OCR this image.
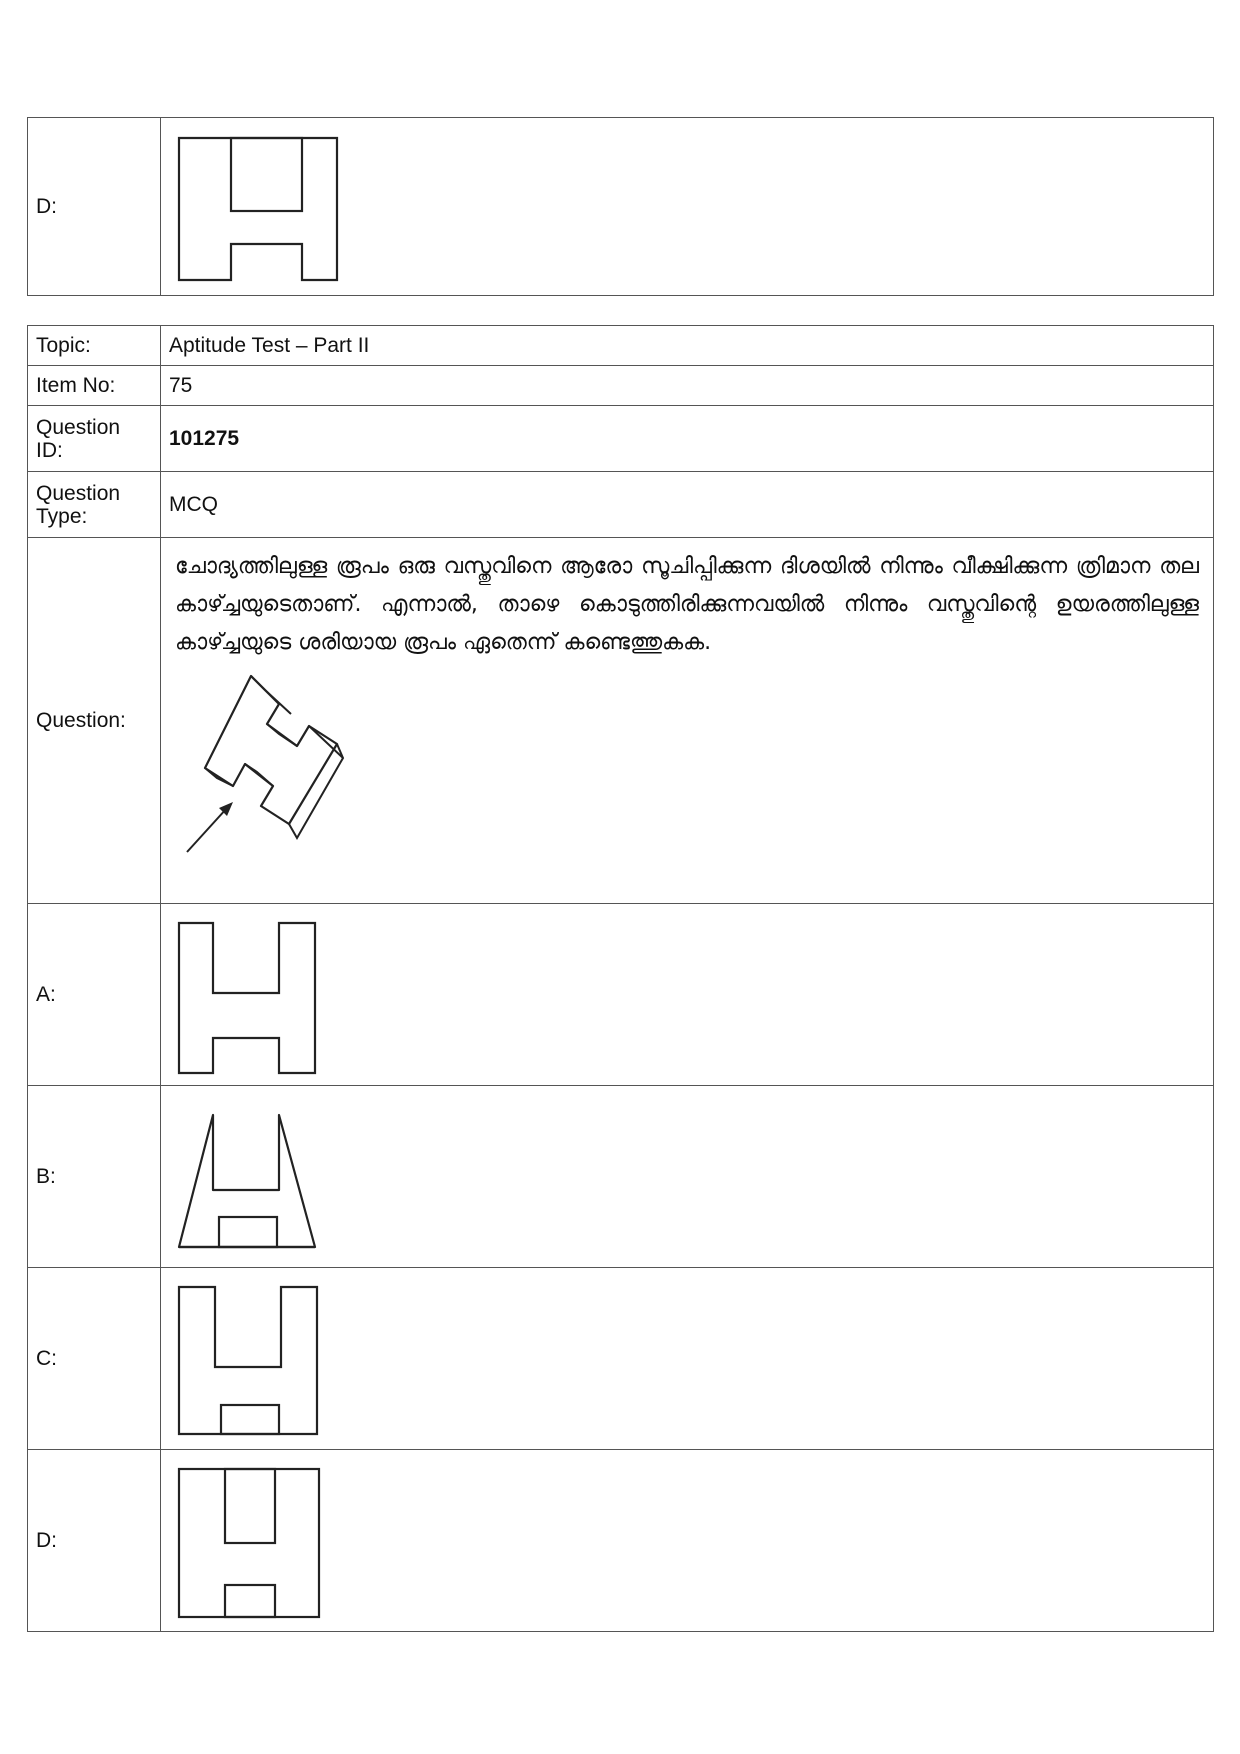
D:	
Topic:	Aptitude Test – Part II
Item No:	75
Question ID:	101275
Question Type:	MCQ
Question:	ചോദ്യത്തിലുള്ള രൂപം ഒരു വസ്തുവിനെ ആരോ സൂചിപ്പിക്കുന്ന ദിശയിൽ നിന്നും വീക്ഷിക്കുന്ന ത്രിമാന തല കാഴ്ച്ചയുടെതാണ്. എന്നാൽ, താഴെ കൊടുത്തിരിക്കുന്നവയിൽ നിന്നും വസ്തുവിന്റെ ഉയരത്തിലുള്ള കാഴ്ച്ചയുടെ ശരിയായ രൂപം ഏതെന്ന് കണ്ടെത്തുകക.

A:	

B:	

C:	

D:	
